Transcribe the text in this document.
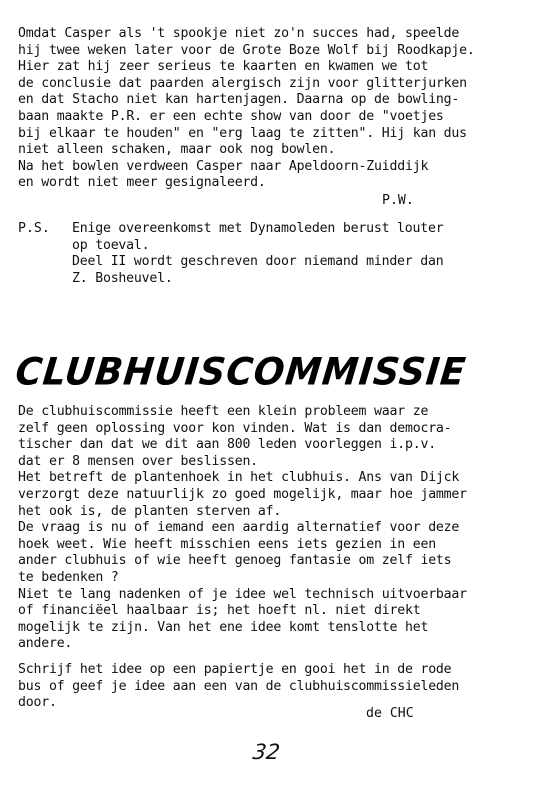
Omdat Casper als 't spookje niet zo'n succes had, speelde
hij twee weken later voor de Grote Boze Wolf bij Roodkapje.
Hier zat hij zeer serieus te kaarten en kwamen we tot
de conclusie dat paarden alergisch zijn voor glitterjurken
en dat Stacho niet kan hartenjagen. Daarna op de bowling-
baan maakte P.R. er een echte show van door de "voetjes
bij elkaar te houden" en "erg laag te zitten". Hij kan dus
niet alleen schaken, maar ook nog bowlen.
Na het bowlen verdween Casper naar Apeldoorn-Zuiddijk
en wordt niet meer gesignaleerd.
P.W.
P.S. Enige overeenkomst met Dynamoleden berust louter
op toeval.
Deel II wordt geschreven door niemand minder dan
Z. Bosheuvel.
CLUBHUISCOMMISSIE
De clubhuiscommissie heeft een klein probleem waar ze
zelf geen oplossing voor kon vinden. Wat is dan democra-
tischer dan dat we dit aan 800 leden voorleggen i.p.v.
dat er 8 mensen over beslissen.
Het betreft de plantenhoek in het clubhuis. Ans van Dijck
verzorgt deze natuurlijk zo goed mogelijk, maar hoe jammer
het ook is, de planten sterven af.
De vraag is nu of iemand een aardig alternatief voor deze
hoek weet. Wie heeft misschien eens iets gezien in een
ander clubhuis of wie heeft genoeg fantasie om zelf iets
te bedenken ?
Niet te lang nadenken of je idee wel technisch uitvoerbaar
of financiëel haalbaar is; het hoeft nl. niet direkt
mogelijk te zijn. Van het ene idee komt tenslotte het
andere.
Schrijf het idee op een papiertje en gooi het in de rode
bus of geef je idee aan een van de clubhuiscommissieleden
door.
de CHC
32
